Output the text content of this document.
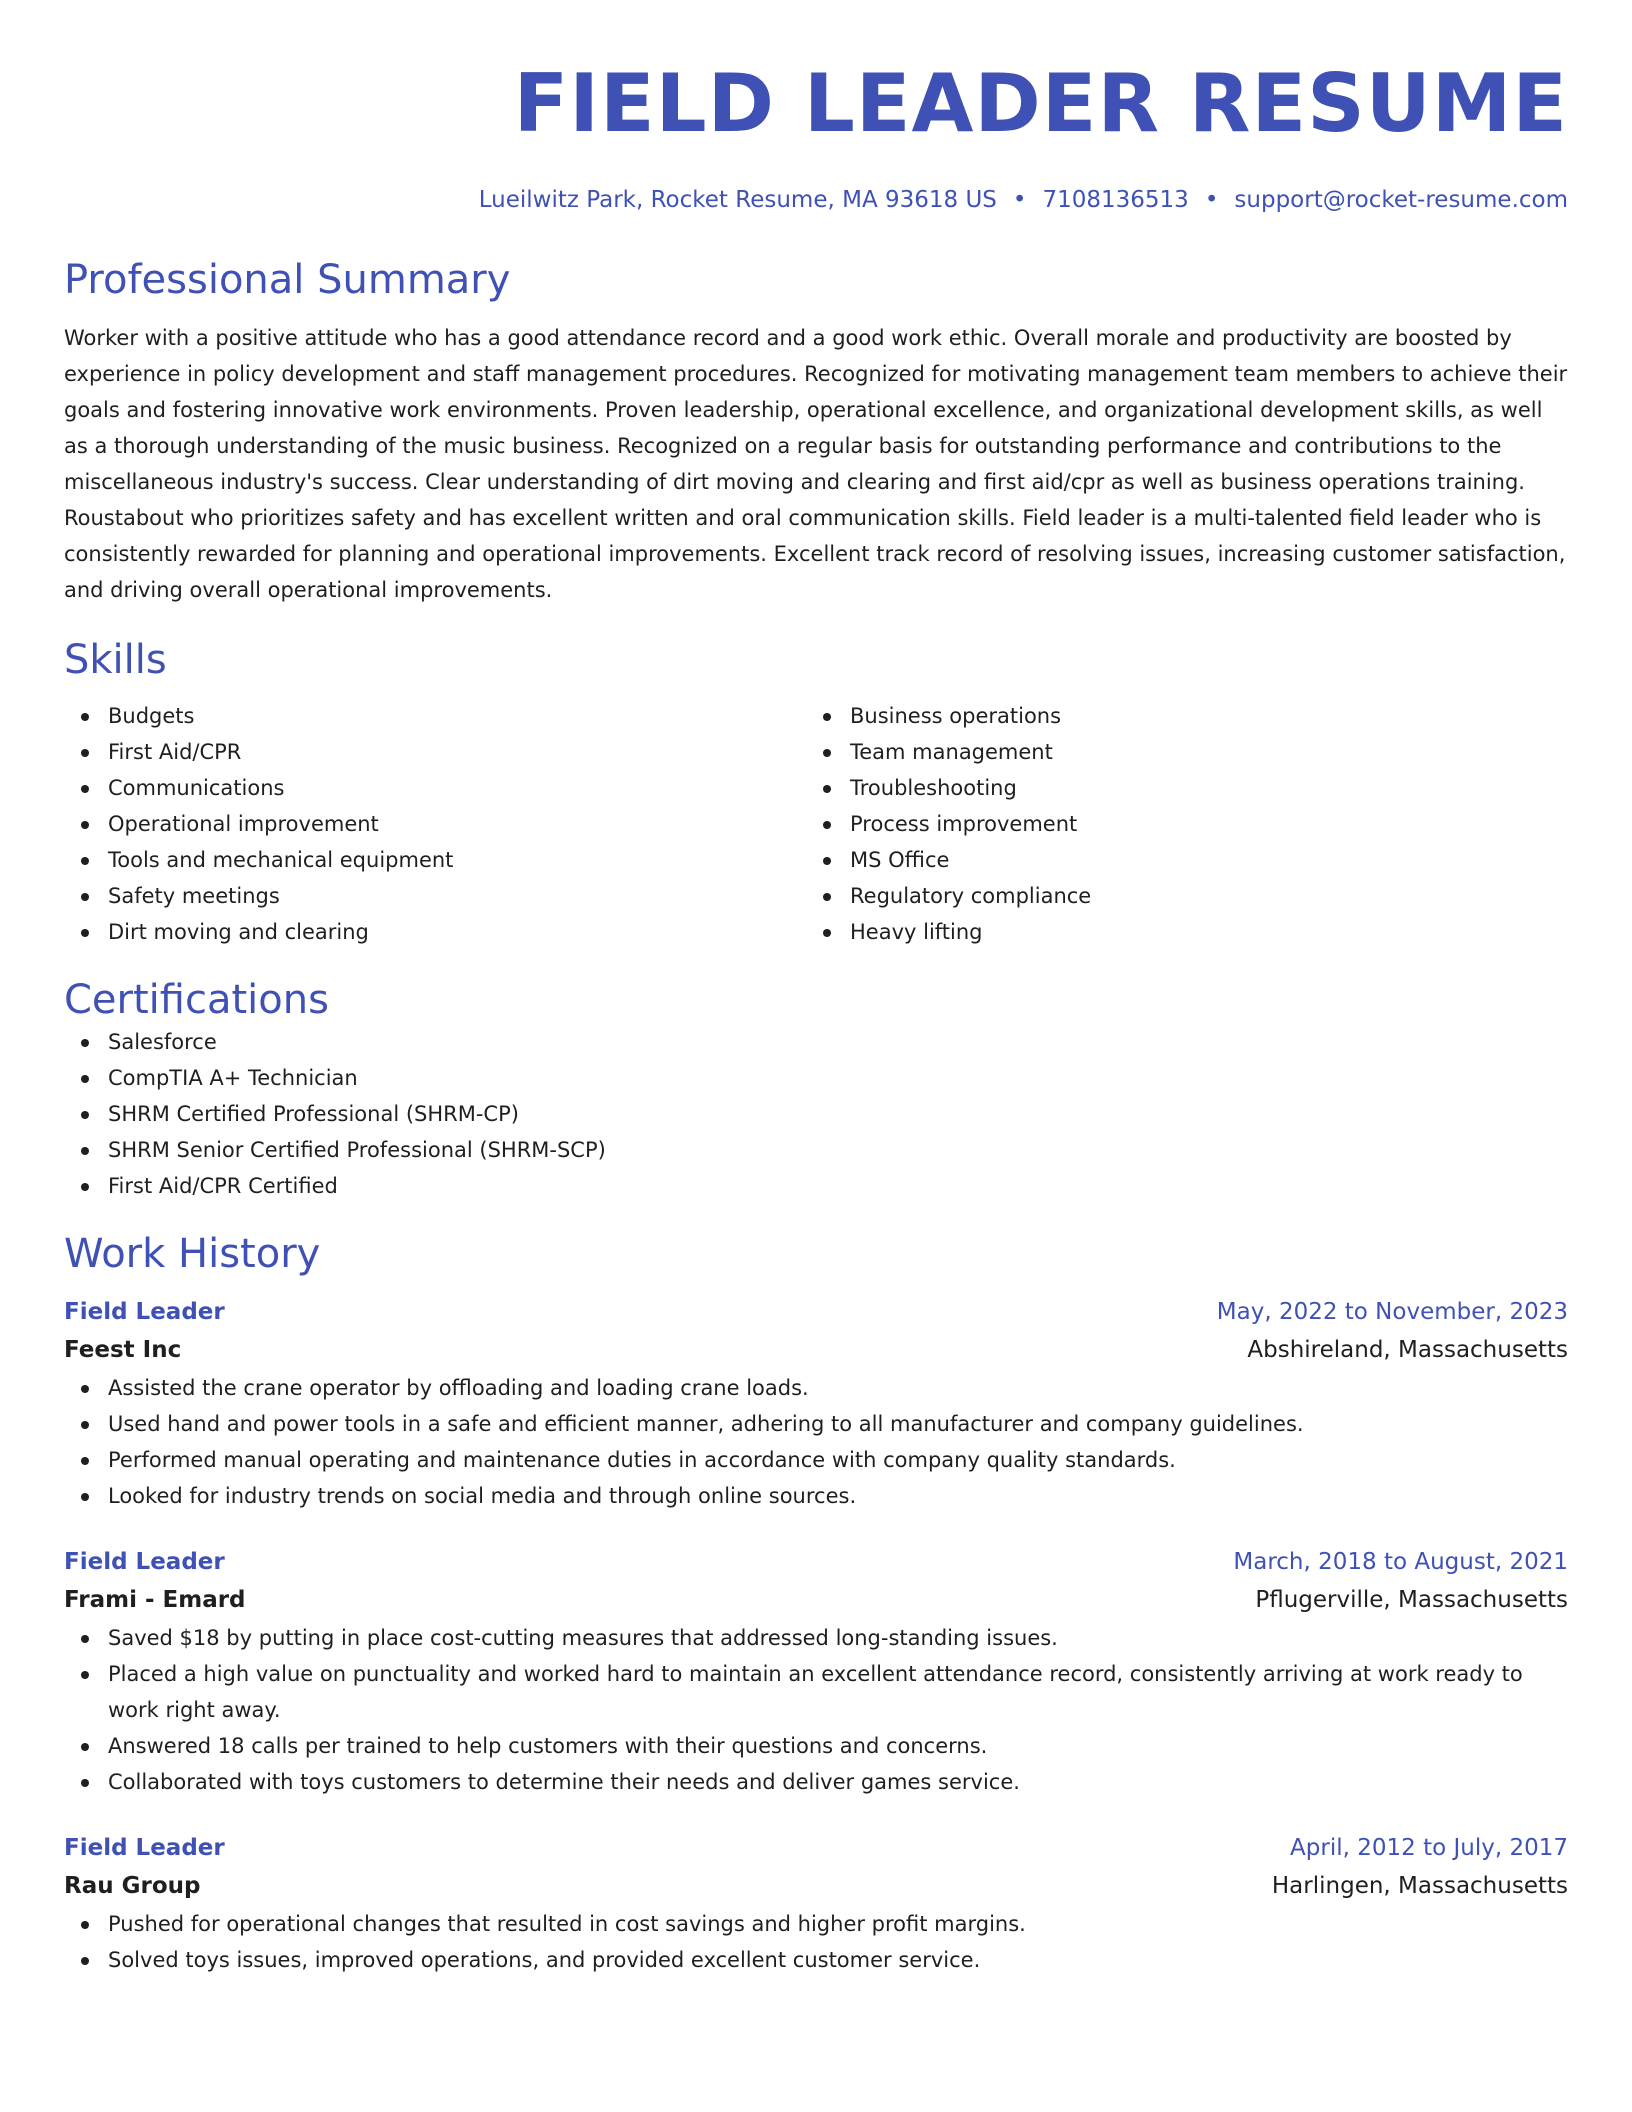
FIELD LEADER RESUME
Lueilwitz Park, Rocket Resume, MA 93618 US • 7108136513 • support@rocket-resume.com
Professional Summary

Worker with a positive attitude who has a good attendance record and a good work ethic. Overall morale and productivity are boosted by experience in policy development and staff management procedures. Recognized for motivating management team members to achieve their goals and fostering innovative work environments. Proven leadership, operational excellence, and organizational development skills, as well as a thorough understanding of the music business. Recognized on a regular basis for outstanding performance and contributions to the miscellaneous industry's success. Clear understanding of dirt moving and clearing and first aid/cpr as well as business operations training. Roustabout who prioritizes safety and has excellent written and oral communication skills. Field leader is a multi-talented field leader who is consistently rewarded for planning and operational improvements. Excellent track record of resolving issues, increasing customer satisfaction, and driving overall operational improvements.

Skills
Budgets
First Aid/CPR
Communications
Operational improvement
Tools and mechanical equipment
Safety meetings
Dirt moving and clearing
Business operations
Team management
Troubleshooting
Process improvement
MS Office
Regulatory compliance
Heavy lifting
Certifications
Salesforce
CompTIA A+ Technician
SHRM Certified Professional (SHRM-CP)
SHRM Senior Certified Professional (SHRM-SCP)
First Aid/CPR Certified
Work History
Field Leader	May, 2022 to November, 2023
Feest Inc	Abshireland, Massachusetts
Assisted the crane operator by offloading and loading crane loads.
Used hand and power tools in a safe and efficient manner, adhering to all manufacturer and company guidelines.
Performed manual operating and maintenance duties in accordance with company quality standards.
Looked for industry trends on social media and through online sources.
Field Leader	March, 2018 to August, 2021
Frami - Emard	Pflugerville, Massachusetts
Saved $18 by putting in place cost-cutting measures that addressed long-standing issues.
Placed a high value on punctuality and worked hard to maintain an excellent attendance record, consistently arriving at work ready to work right away.
Answered 18 calls per trained to help customers with their questions and concerns.
Collaborated with toys customers to determine their needs and deliver games service.
Field Leader	April, 2012 to July, 2017
Rau Group	Harlingen, Massachusetts
Pushed for operational changes that resulted in cost savings and higher profit margins.
Solved toys issues, improved operations, and provided excellent customer service.
